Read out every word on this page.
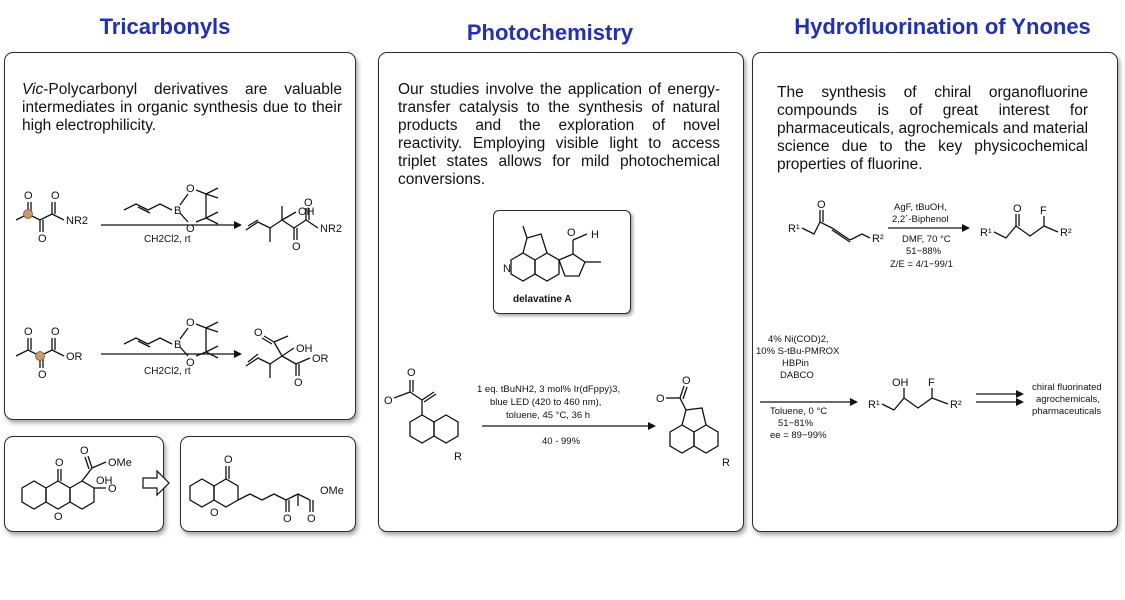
Tricarbonyls	Photochemistry	Hydrofluorination of Ynones
Vic-Polycarbonyl derivatives are valuable intermediates in organic synthesis due to their high electrophilicity.
Our studies involve the application of energy-transfer catalysis to the synthesis of natural products and the exploration of novel reactivity. Employing visible light to access triplet states allows for mild photochemical conversions.
The synthesis of chiral organofluorine compounds is of great interest for pharmaceuticals, agrochemicals and material science due to the key physicochemical properties of fluorine.
O
O
O
NR2
B
O
O
CH2Cl2, rt
OH
O
O
NR2
O
O
O
OR
B
O
O
CH2Cl2, rt
OH
O
O
OR
O
O
O
OMe
OH
O
O
O	O O
OMe
H
O
N
delavatine A
O
O
R
1 eq. tBuNH2, 3 mol% Ir(dFppy)3,
blue LED (420 to 460 nm),
toluene, 45 °C, 36 h
40 - 99%
O
O
R
R¹
O
R²
AgF, tBuOH,
2,2´-Biphenol
DMF, 70 °C
51−88%
Z/E = 4/1−99/1
R¹
O F
R²
4% Ni(COD)2,
10% S-tBu-PMROX
HBPin
DABCO
Toluene, 0 °C
51−81%
ee = 89−99%
R¹
OH F
R²
chiral fluorinated
agrochemicals,
pharmaceuticals
